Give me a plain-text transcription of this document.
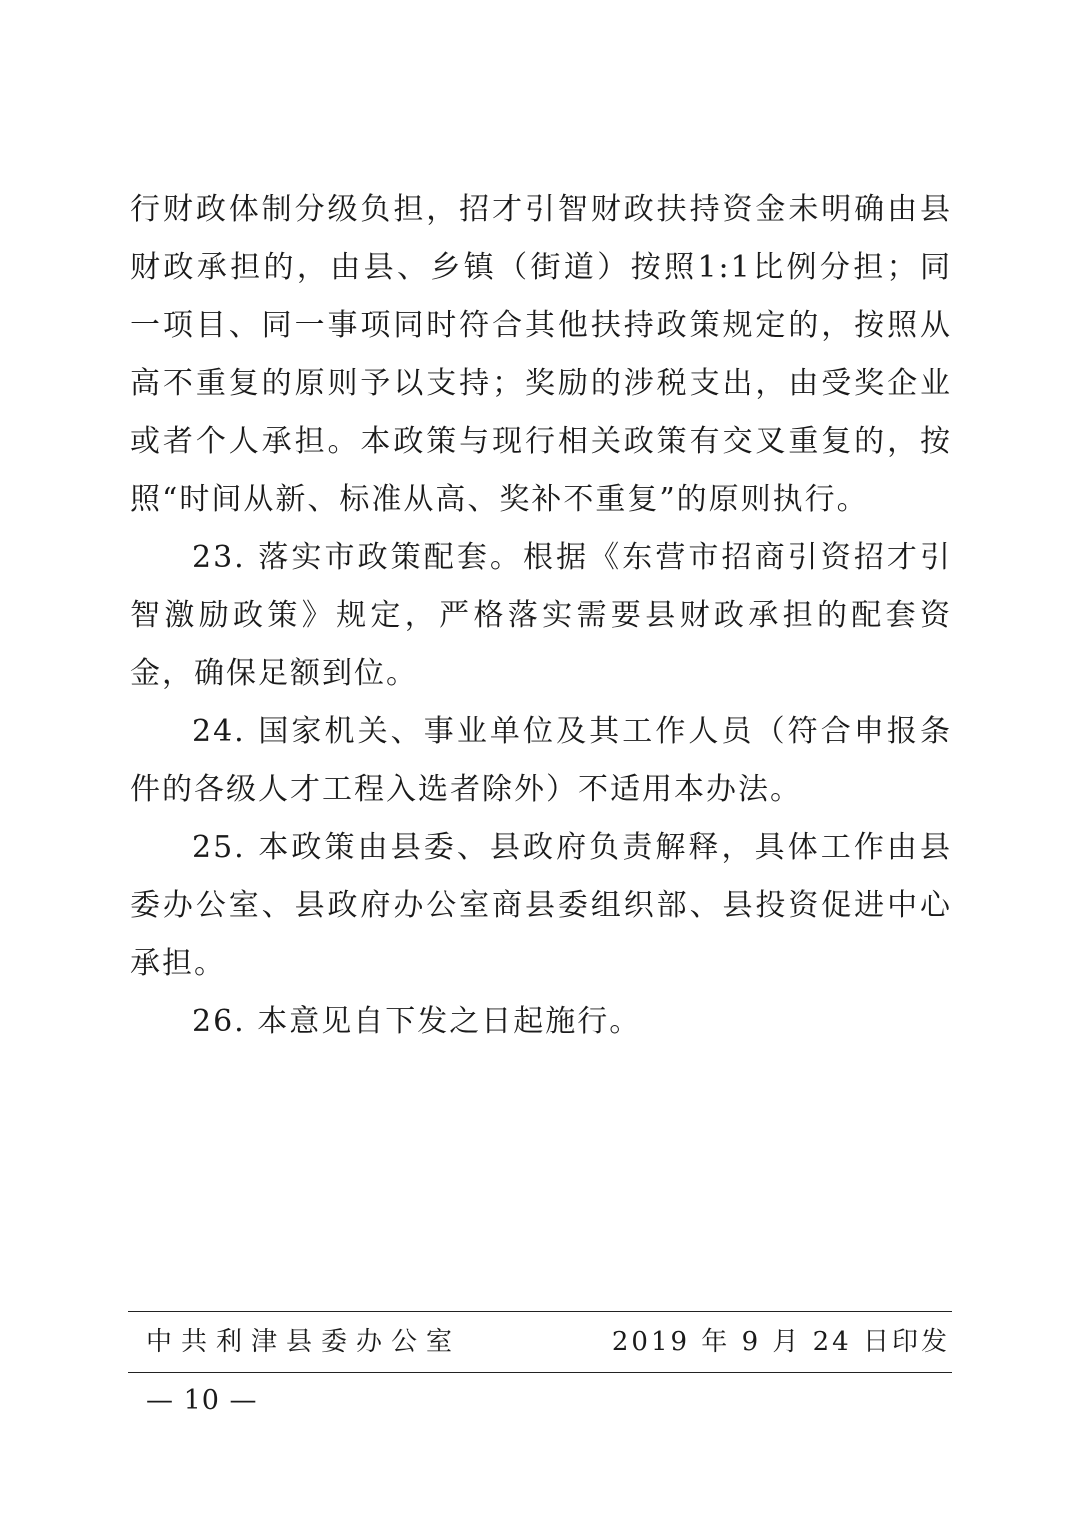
行财政体制分级负担，招才引智财政扶持资金未明确由县财政承担的，由县、乡镇（街道）按照1:1比例分担；同一项目、同一事项同时符合其他扶持政策规定的，按照从高不重复的原则予以支持；奖励的涉税支出，由受奖企业或者个人承担。本政策与现行相关政策有交叉重复的，按照“时间从新、标准从高、奖补不重复”的原则执行。

23. 落实市政策配套。根据《东营市招商引资招才引智激励政策》规定，严格落实需要县财政承担的配套资金，确保足额到位。

24. 国家机关、事业单位及其工作人员（符合申报条件的各级人才工程入选者除外）不适用本办法。

25. 本政策由县委、县政府负责解释，具体工作由县委办公室、县政府办公室商县委组织部、县投资促进中心承担。

26. 本意见自下发之日起施行。

中共利津县委办公室	2019 年 9 月 24 日印发
— 10 —
